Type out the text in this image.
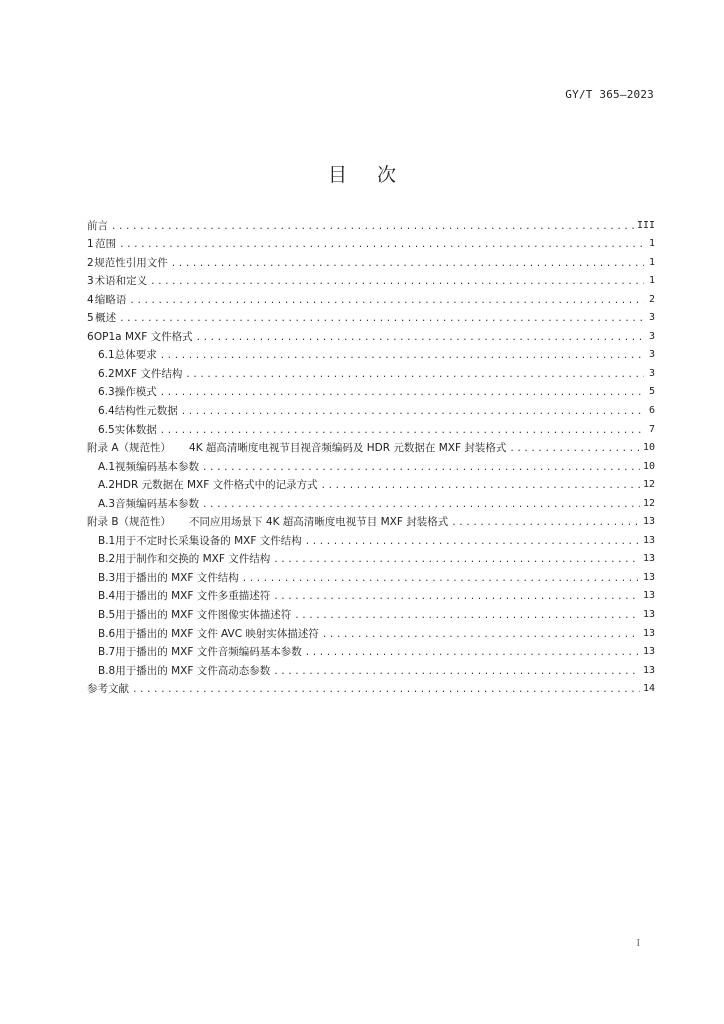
GY/T 365—2023
目次
前言 .....	III
1 范围 .....	1
2 规范性引用文件 .....	1
3 术语和定义 .....	1
4 缩略语 .....	2
5 概述 .....	3
6 OP1a MXF 文件格式 .....	3
6.1 总体要求 .....	3
6.2 MXF 文件结构 .....	3
6.3 操作模式 .....	5
6.4 结构性元数据 .....	6
6.5 实体数据 .....	7
附录 A（规范性） 4K 超高清晰度电视节目视音频编码及 HDR 元数据在 MXF 封装格式 .....	10
A.1 视频编码基本参数 .....	10
A.2 HDR 元数据在 MXF 文件格式中的记录方式 .....	12
A.3 音频编码基本参数 .....	12
附录 B（规范性） 不同应用场景下 4K 超高清晰度电视节目 MXF 封装格式 .....	13
B.1 用于不定时长采集设备的 MXF 文件结构 .....	13
B.2 用于制作和交换的 MXF 文件结构 .....	13
B.3 用于播出的 MXF 文件结构 .....	13
B.4 用于播出的 MXF 文件多重描述符 .....	13
B.5 用于播出的 MXF 文件图像实体描述符 .....	13
B.6 用于播出的 MXF 文件 AVC 映射实体描述符 .....	13
B.7 用于播出的 MXF 文件音频编码基本参数 .....	13
B.8 用于播出的 MXF 文件高动态参数 .....	13
参考文献 .....	14
I
